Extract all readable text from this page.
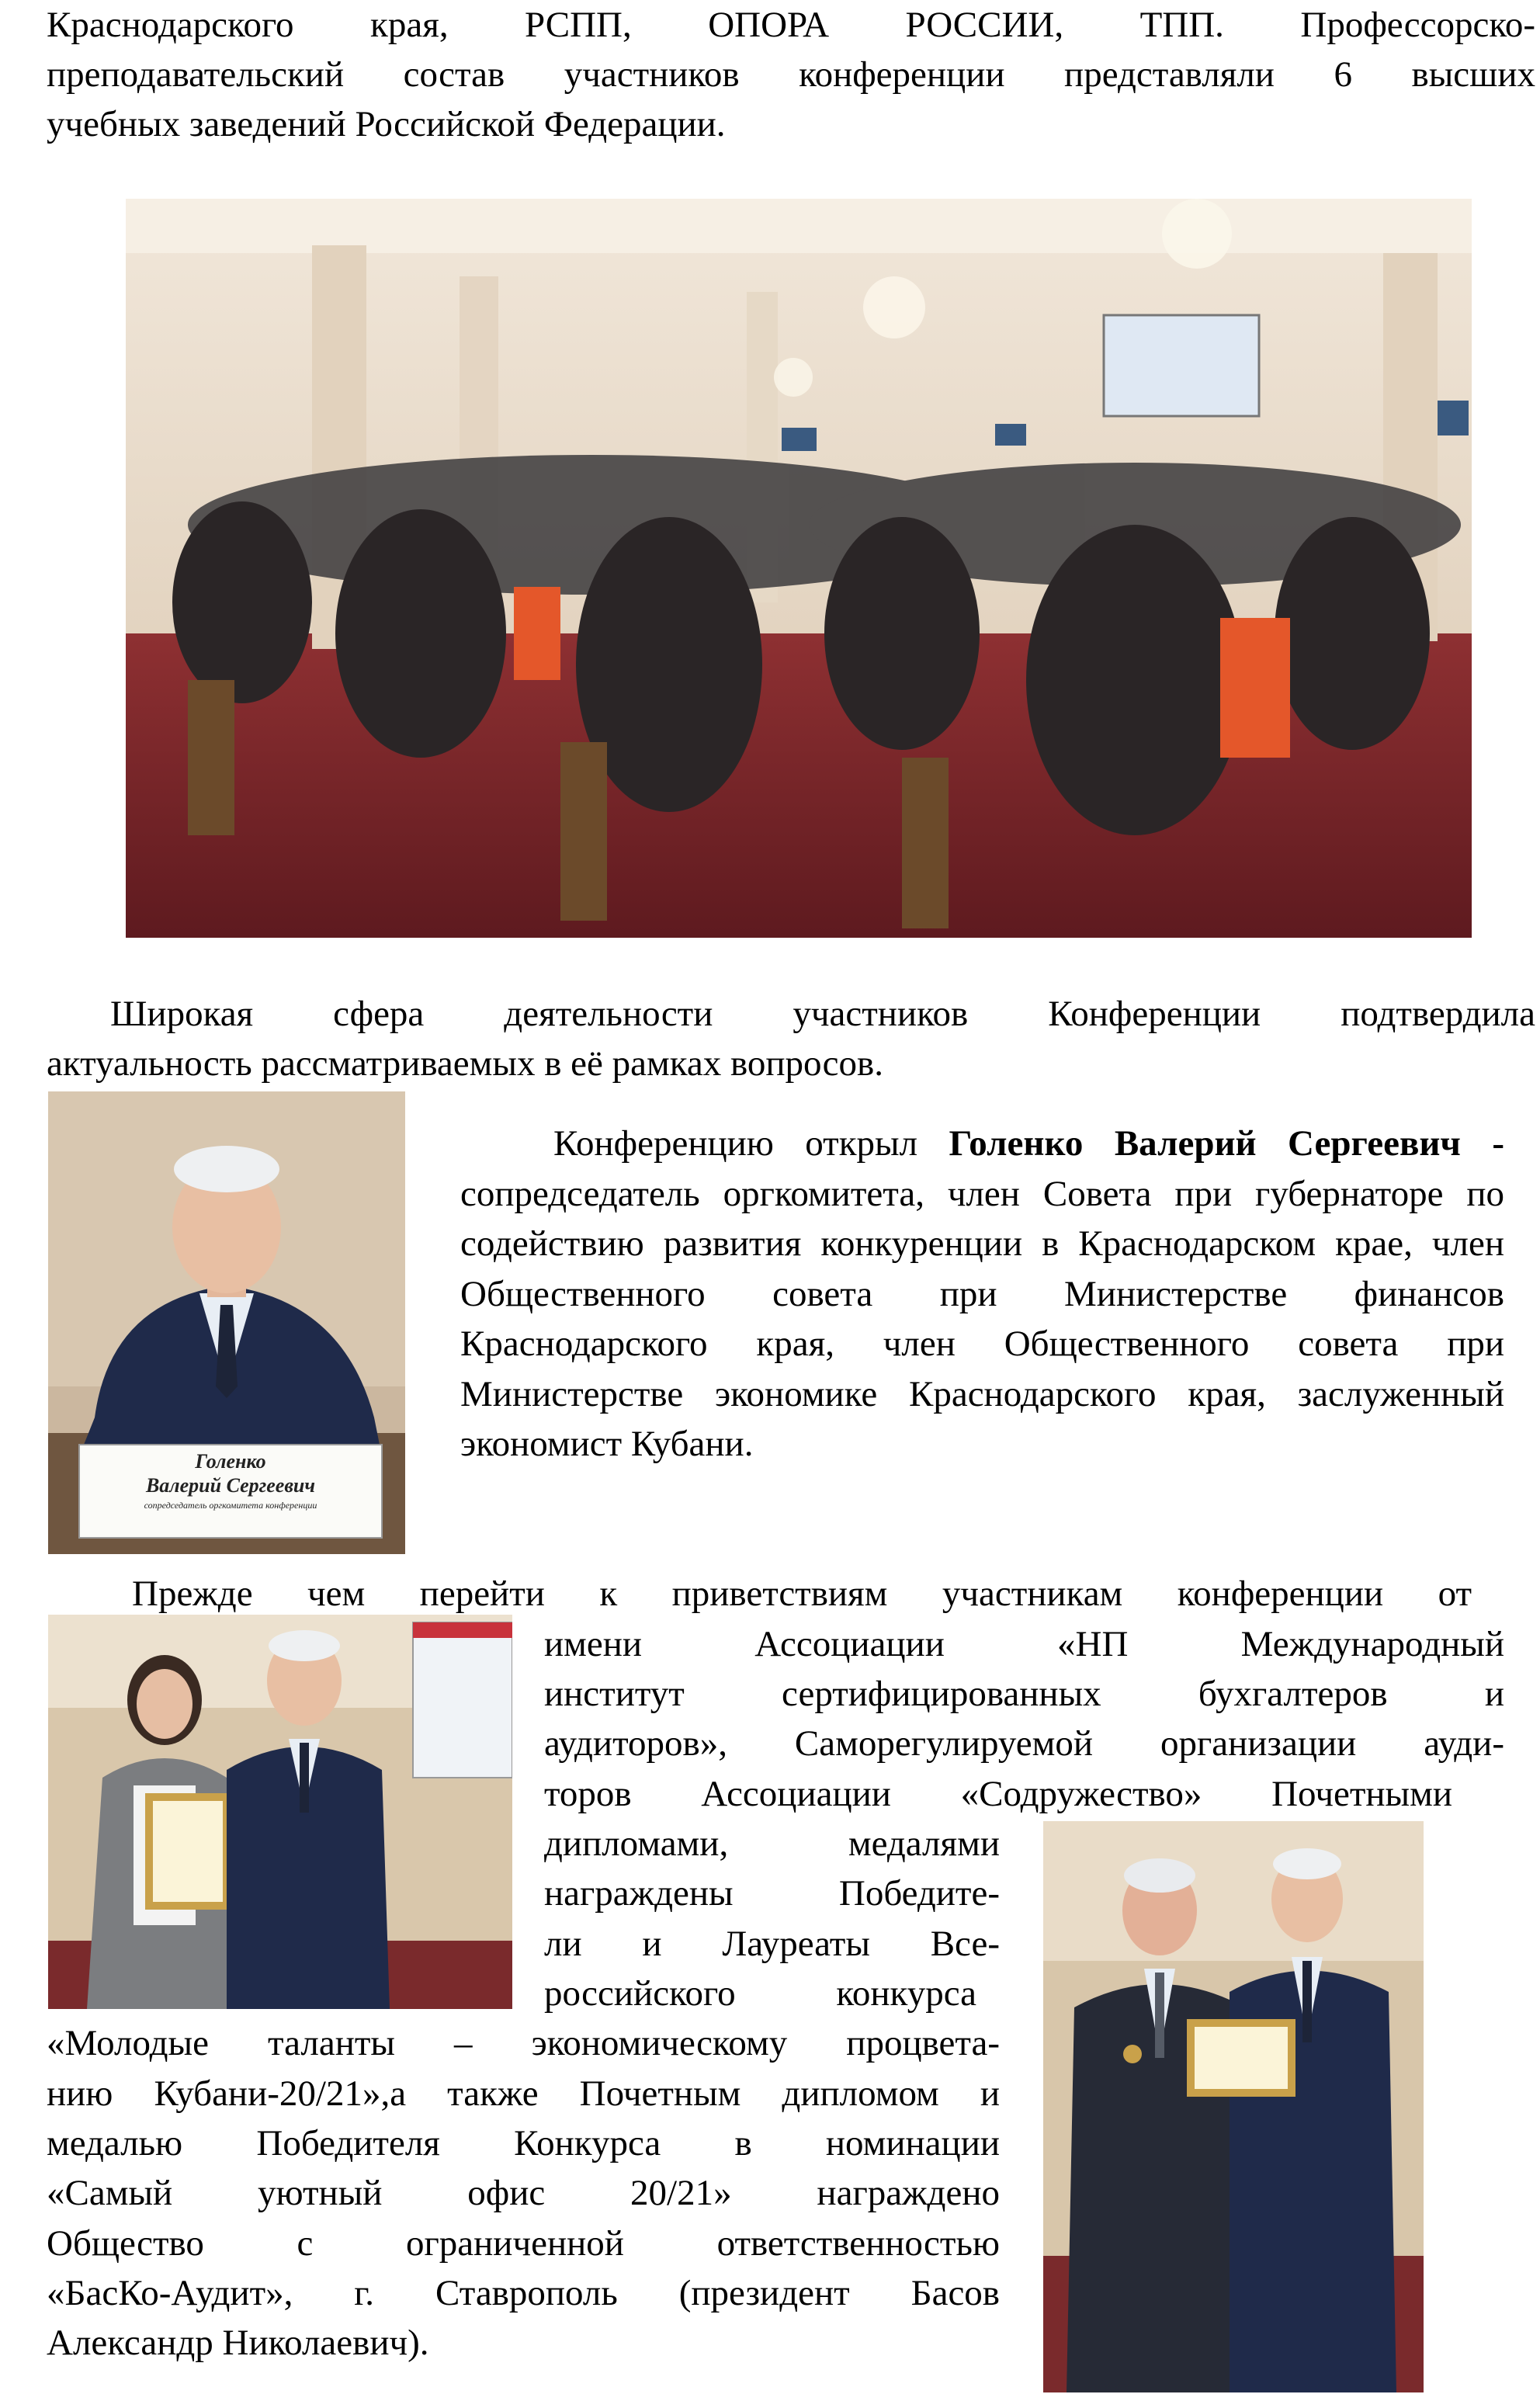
Краснодарского края, РСПП, ОПОРА РОССИИ, ТПП. Профессорско-

преподавательский состав участников конференции представляли 6 высших

учебных заведений Российской Федерации.

Широкая сфера деятельности участников Конференции подтвердила

актуальность рассматриваемых в её рамках вопросов.

Голенко
Валерий Сергеевич
сопредседатель оргкомитета конференции
Конференцию открыл Голенко Валерий Сергеевич - сопредседатель оргкомитета, член Совета при губернаторе по содействию развития конкуренции в Краснодарском крае, член Общественного совета при Министерстве финансов Краснодарского края, член Общественного совета при Министерстве экономике Краснодарского края, заслуженный экономист Кубани.

Прежде чем перейти к приветствиям участникам конференции от

имени Ассоциации «НП Международный

институт сертифицированных бухгалтеров и

аудиторов», Саморегулируемой организации ауди-

торов Ассоциации «Содружество» Почетными

дипломами, медалями

награждены Победите-

ли и Лауреаты Все-

российского конкурса

«Молодые таланты – экономическому процвета-

нию Кубани-20/21»,а также Почетным дипломом и

медалью Победителя Конкурса в номинации

«Самый уютный офис 20/21» награждено

Общество с ограниченной ответственностью

«БасКо-Аудит», г. Ставрополь (президент Басов

Александр Николаевич).
